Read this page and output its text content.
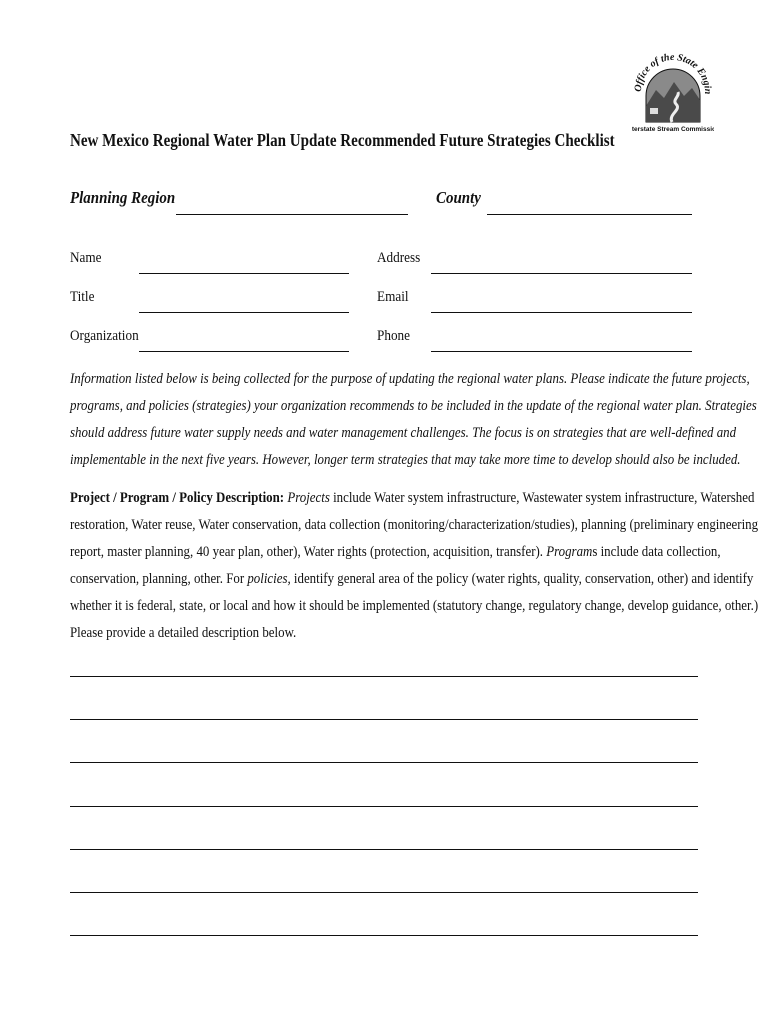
Office of the State Engin
terstate Stream Commissi
New Mexico Regional Water Plan Update Recommended Future Strategies Checklist
Planning Region	County
Name	Address
Title	Email
Organization	Phone
Information listed below is being collected for the purpose of updating the regional water plans. Please indicate the future projects,
programs, and policies (strategies) your organization recommends to be included in the update of the regional water plan. Strategies
should address future water supply needs and water management challenges. The focus is on strategies that are well-defined and
implementable in the next five years. However, longer term strategies that may take more time to develop should also be included.
Project / Program / Policy Description: Projects include Water system infrastructure, Wastewater system infrastructure, Watershed
restoration, Water reuse, Water conservation, data collection (monitoring/characterization/studies), planning (preliminary engineering
report, master planning, 40 year plan, other), Water rights (protection, acquisition, transfer). Programs include data collection,
conservation, planning, other. For policies, identify general area of the policy (water rights, quality, conservation, other) and identify
whether it is federal, state, or local and how it should be implemented (statutory change, regulatory change, develop guidance, other.)
Please provide a detailed description below.
